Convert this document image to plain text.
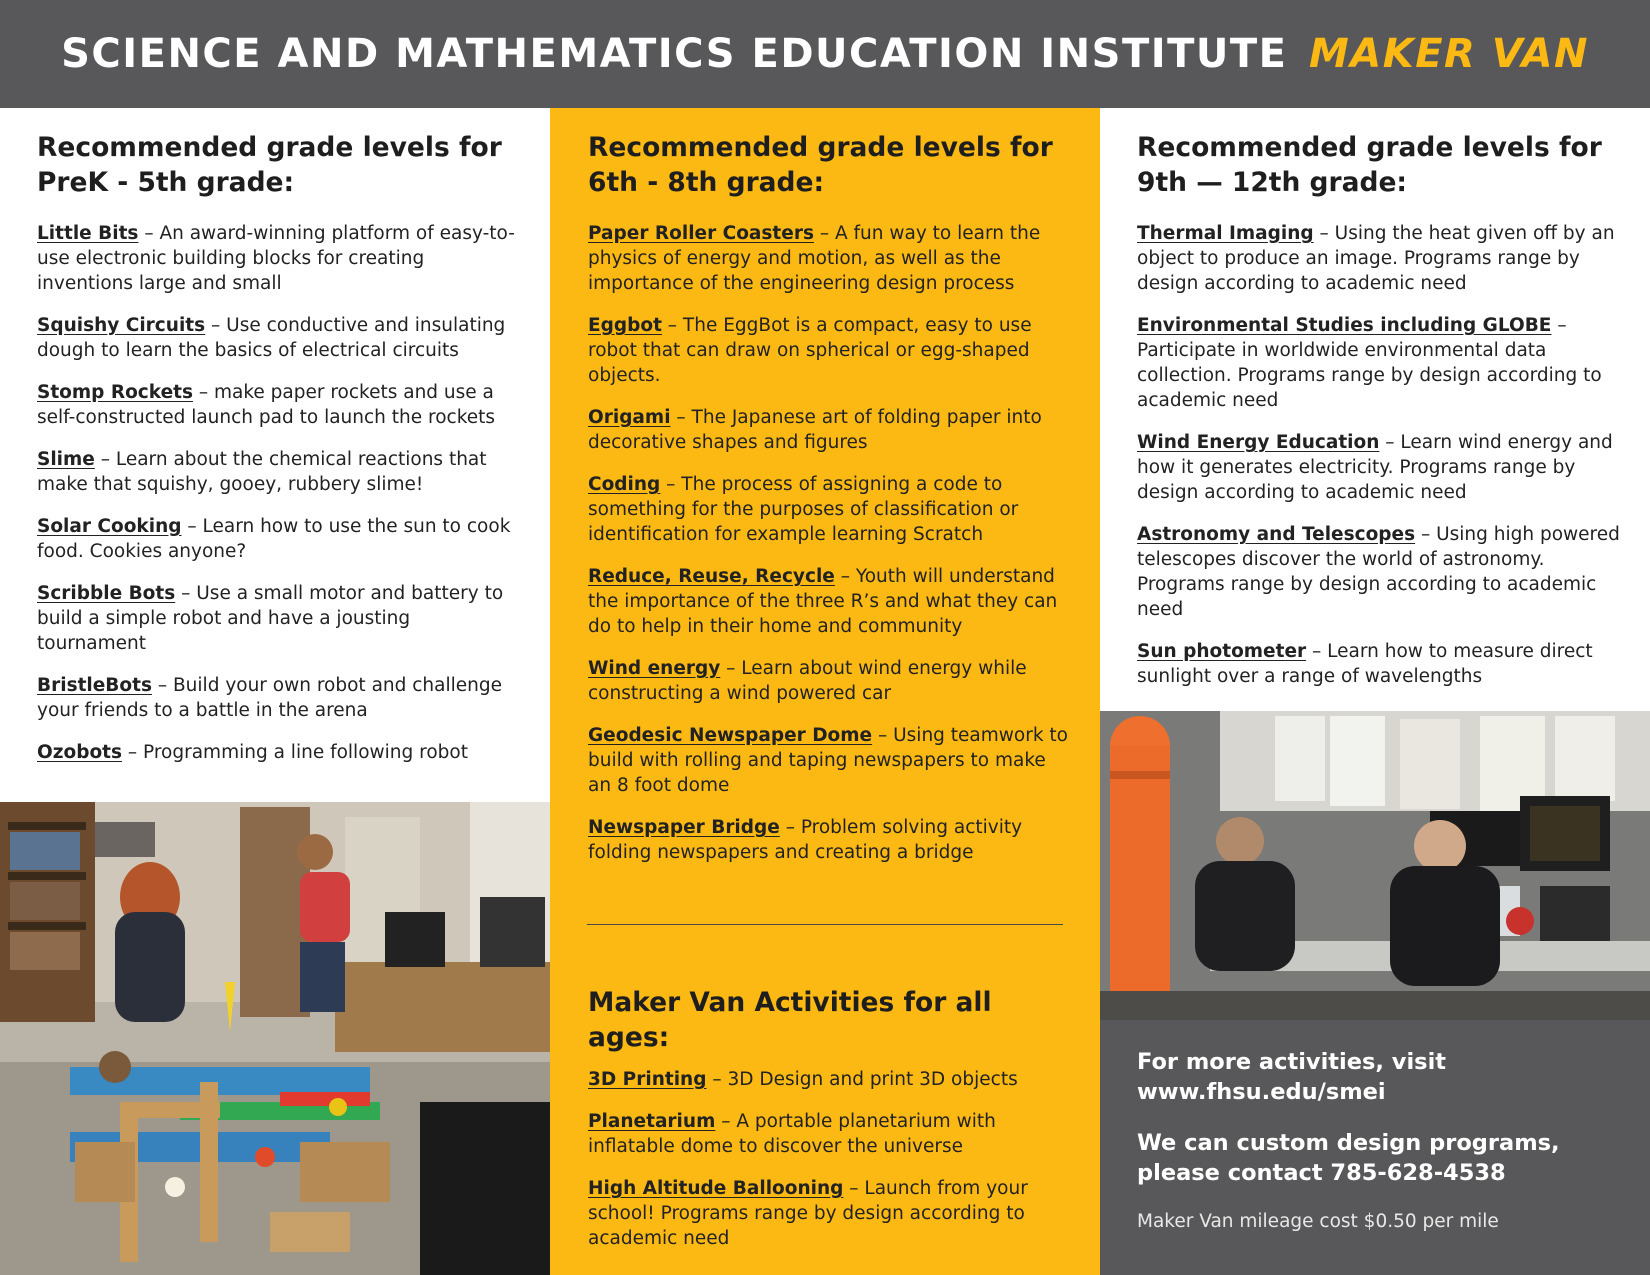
SCIENCE AND MATHEMATICS EDUCATION INSTITUTE MAKER VAN
Recommended grade levels for
PreK - 5th grade:

Little Bits – An award-winning platform of easy-to-use electronic building blocks for creating inventions large and small

Squishy Circuits – Use conductive and insulating dough to learn the basics of electrical circuits

Stomp Rockets – make paper rockets and use a self-constructed launch pad to launch the rockets

Slime – Learn about the chemical reactions that make that squishy, gooey, rubbery slime!

Solar Cooking – Learn how to use the sun to cook food. Cookies anyone?

Scribble Bots – Use a small motor and battery to build a simple robot and have a jousting tournament

BristleBots – Build your own robot and challenge your friends to a battle in the arena

Ozobots – Programming a line following robot

Recommended grade levels for
6th - 8th grade:

Paper Roller Coasters – A fun way to learn the physics of energy and motion, as well as the importance of the engineering design process

Eggbot – The EggBot is a compact, easy to use robot that can draw on spherical or egg-shaped objects.

Origami – The Japanese art of folding paper into decorative shapes and figures

Coding – The process of assigning a code to something for the purposes of classification or identification for example learning Scratch

Reduce, Reuse, Recycle – Youth will understand the importance of the three R’s and what they can do to help in their home and community

Wind energy – Learn about wind energy while constructing a wind powered car

Geodesic Newspaper Dome – Using teamwork to build with rolling and taping newspapers to make an 8 foot dome

Newspaper Bridge – Problem solving activity folding newspapers and creating a bridge

Maker Van Activities for all ages:

3D Printing – 3D Design and print 3D objects

Planetarium – A portable planetarium with inflatable dome to discover the universe

High Altitude Ballooning – Launch from your school! Programs range by design according to academic need

Recommended grade levels for
9th — 12th grade:

Thermal Imaging – Using the heat given off by an object to produce an image. Programs range by design according to academic need

Environmental Studies including GLOBE – Participate in worldwide environmental data collection. Programs range by design according to academic need

Wind Energy Education – Learn wind energy and how it generates electricity. Programs range by design according to academic need

Astronomy and Telescopes – Using high powered telescopes discover the world of astronomy. Programs range by design according to academic need

Sun photometer – Learn how to measure direct sunlight over a range of wavelengths

For more activities, visit
www.fhsu.edu/smei

We can custom design programs,
please contact 785-628-4538

Maker Van mileage cost $0.50 per mile
